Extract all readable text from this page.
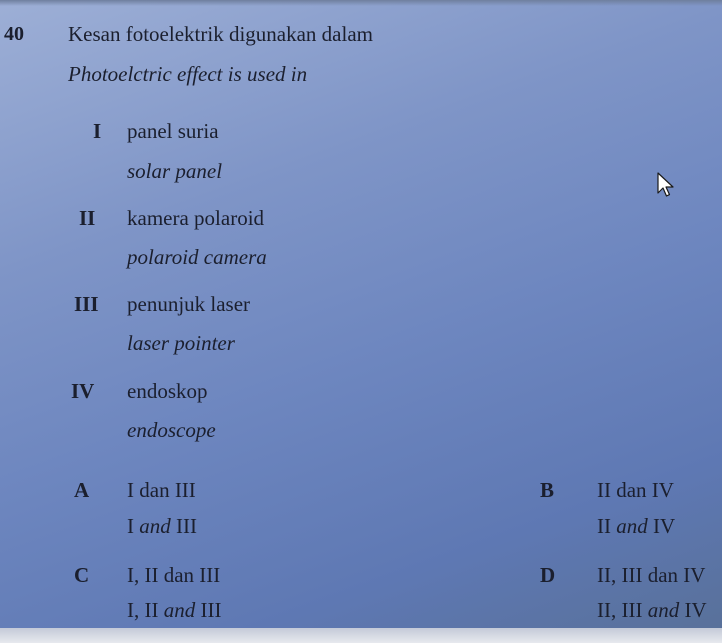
40 Kesan fotoelektrik digunakan dalam
Photoelctric effect is used in
I panel suria
solar panel
II kamera polaroid
polaroid camera
III penunjuk laser
laser pointer
IV endoskop
endoscope
A I dan III
I and III
B II dan IV
II and IV
C I, II dan III
I, II and III
D II, III dan IV
II, III and IV
